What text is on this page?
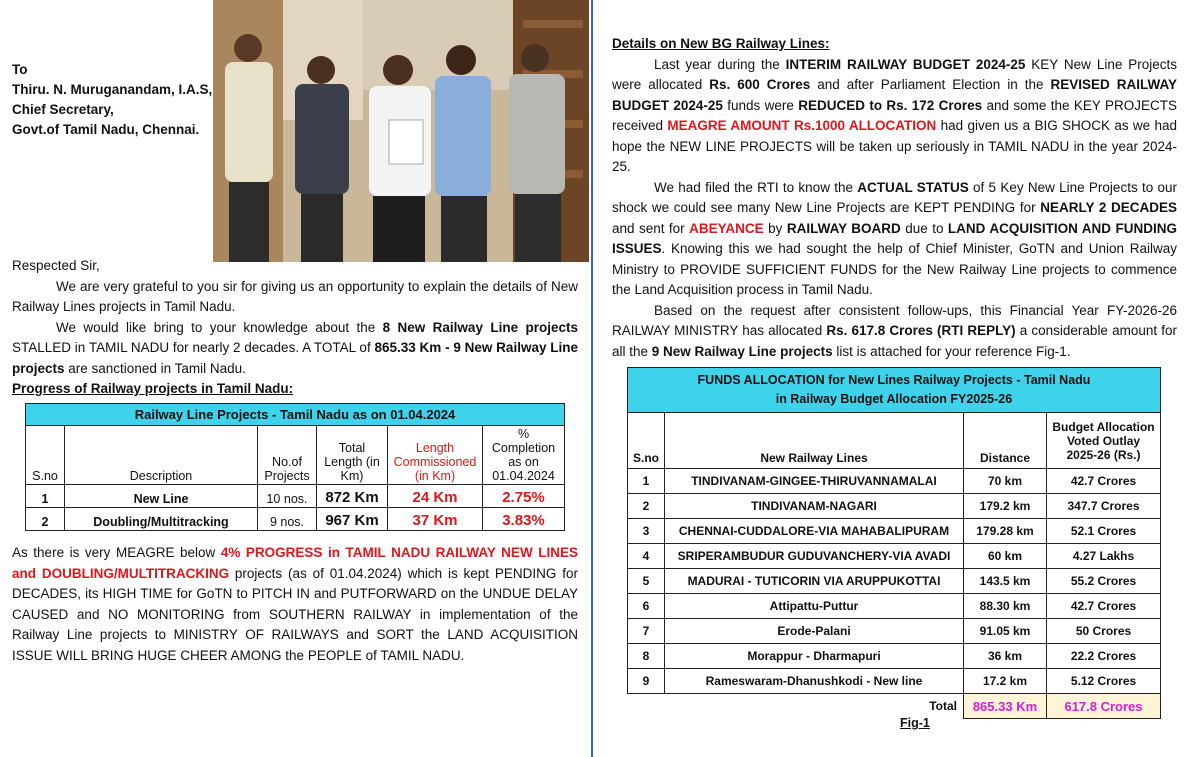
To
Thiru. N. Muruganandam, I.A.S,
Chief Secretary,
Govt.of Tamil Nadu, Chennai.
Respected Sir,
We are very grateful to you sir for giving us an opportunity to explain the details of New Railway Lines projects in Tamil Nadu.
We would like bring to your knowledge about the 8 New Railway Line projects STALLED in TAMIL NADU for nearly 2 decades. A TOTAL of 865.33 Km - 9 New Railway Line projects are sanctioned in Tamil Nadu.
Progress of Railway projects in Tamil Nadu:
Railway Line Projects - Tamil Nadu as on 01.04.2024					
S.no	Description	No.of Projects	Total Length (in Km)	Length Commissioned (in Km)	% Completion as on 01.04.2024
1	New Line	10 nos.	872 Km	24 Km	2.75%
2	Doubling/Multitracking	9 nos.	967 Km	37 Km	3.83%
As there is very MEAGRE below 4% PROGRESS in TAMIL NADU RAILWAY NEW LINES and DOUBLING/MULTITRACKING projects (as of 01.04.2024) which is kept PENDING for DECADES, its HIGH TIME for GoTN to PITCH IN and PUTFORWARD on the UNDUE DELAY CAUSED and NO MONITORING from SOUTHERN RAILWAY in implementation of the Railway Line projects to MINISTRY OF RAILWAYS and SORT the LAND ACQUISITION ISSUE WILL BRING HUGE CHEER AMONG the PEOPLE of TAMIL NADU.
Details on New BG Railway Lines:
Last year during the INTERIM RAILWAY BUDGET 2024-25 KEY New Line Projects were allocated Rs. 600 Crores and after Parliament Election in the REVISED RAILWAY BUDGET 2024-25 funds were REDUCED to Rs. 172 Crores and some the KEY PROJECTS received MEAGRE AMOUNT Rs.1000 ALLOCATION had given us a BIG SHOCK as we had hope the NEW LINE PROJECTS will be taken up seriously in TAMIL NADU in the year 2024-25.
We had filed the RTI to know the ACTUAL STATUS of 5 Key New Line Projects to our shock we could see many New Line Projects are KEPT PENDING for NEARLY 2 DECADES and sent for ABEYANCE by RAILWAY BOARD due to LAND ACQUISITION AND FUNDING ISSUES. Knowing this we had sought the help of Chief Minister, GoTN and Union Railway Ministry to PROVIDE SUFFICIENT FUNDS for the New Railway Line projects to commence the Land Acquisition process in Tamil Nadu.
Based on the request after consistent follow-ups, this Financial Year FY-2026-26 RAILWAY MINISTRY has allocated Rs. 617.8 Crores (RTI REPLY) a considerable amount for all the 9 New Railway Line projects list is attached for your reference Fig-1.
FUNDS ALLOCATION for New Lines Railway Projects - Tamil Nadu
in Railway Budget Allocation FY2025-26			

S.no	New Railway Lines	Distance	Budget Allocation Voted Outlay 2025-26 (Rs.)
1	TINDIVANAM-GINGEE-THIRUVANNAMALAI	70 km	42.7 Crores
2	TINDIVANAM-NAGARI	179.2 km	347.7 Crores
3	CHENNAI-CUDDALORE-VIA MAHABALIPURAM	179.28 km	52.1 Crores
4	SRIPERAMBUDUR GUDUVANCHERY-VIA AVADI	60 km	4.27 Lakhs
5	MADURAI - TUTICORIN VIA ARUPPUKOTTAI	143.5 km	55.2 Crores
6	Attipattu-Puttur	88.30 km	42.7 Crores
7	Erode-Palani	91.05 km	50 Crores
8	Morappur - Dharmapuri	36 km	22.2 Crores
9	Rameswaram-Dhanushkodi - New line	17.2 km	5.12 Crores
Total		865.33 Km	617.8 Crores
Fig-1
